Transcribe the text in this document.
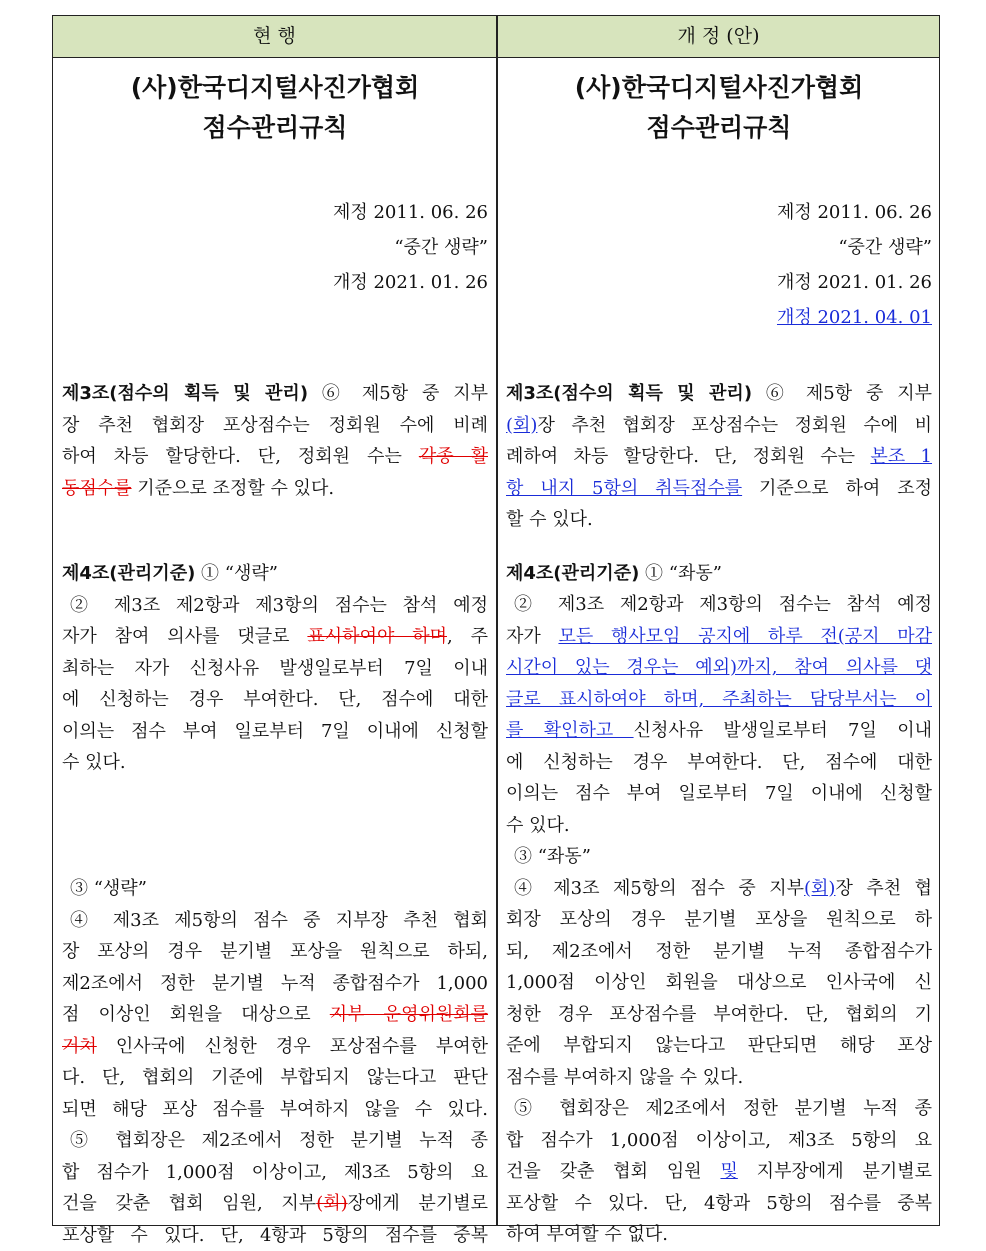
현 행	개 정 (안)
(사)한국디지털사진가협회
점수관리규칙
제정 2011. 06. 26
“중간 생략”
개정 2021. 01. 26
제3조(점수의 획득 및 관리) ⑥ 제5항 중 지부
장 추천 협회장 포상점수는 정회원 수에 비례
하여 차등 할당한다. 단, 정회원 수는 각종 활
동점수를 기준으로 조정할 수 있다.
제4조(관리기준) ① “생략”
② 제3조 제2항과 제3항의 점수는 참석 예정
자가 참여 의사를 댓글로 표시하여야 하며, 주
최하는 자가 신청사유 발생일로부터 7일 이내
에 신청하는 경우 부여한다. 단, 점수에 대한
이의는 점수 부여 일로부터 7일 이내에 신청할
수 있다.
③ “생략”
④ 제3조 제5항의 점수 중 지부장 추천 협회
장 포상의 경우 분기별 포상을 원칙으로 하되,
제2조에서 정한 분기별 누적 종합점수가 1,000
점 이상인 회원을 대상으로 지부 운영위원회를
거쳐 인사국에 신청한 경우 포상점수를 부여한
다. 단, 협회의 기준에 부합되지 않는다고 판단
되면 해당 포상 점수를 부여하지 않을 수 있다.
⑤ 협회장은 제2조에서 정한 분기별 누적 종
합 점수가 1,000점 이상이고, 제3조 5항의 요
건을 갖춘 협회 임원, 지부(회)장에게 분기별로
포상할 수 있다. 단, 4항과 5항의 점수를 중복
(사)한국디지털사진가협회
점수관리규칙
제정 2011. 06. 26
“중간 생략”
개정 2021. 01. 26
개정 2021. 04. 01
제3조(점수의 획득 및 관리) ⑥ 제5항 중 지부
(회)장 추천 협회장 포상점수는 정회원 수에 비
례하여 차등 할당한다. 단, 정회원 수는 본조 1
항 내지 5항의 취득점수를 기준으로 하여 조정
할 수 있다.
제4조(관리기준) ① “좌동”
② 제3조 제2항과 제3항의 점수는 참석 예정
자가 모든 행사모임 공지에 하루 전(공지 마감
시간이 있는 경우는 예외)까지, 참여 의사를 댓
글로 표시하여야 하며, 주최하는 담당부서는 이
를 확인하고 신청사유 발생일로부터 7일 이내
에 신청하는 경우 부여한다. 단, 점수에 대한
이의는 점수 부여 일로부터 7일 이내에 신청할
수 있다.
③ “좌동”
④ 제3조 제5항의 점수 중 지부(회)장 추천 협
회장 포상의 경우 분기별 포상을 원칙으로 하
되, 제2조에서 정한 분기별 누적 종합점수가
1,000점 이상인 회원을 대상으로 인사국에 신
청한 경우 포상점수를 부여한다. 단, 협회의 기
준에 부합되지 않는다고 판단되면 해당 포상
점수를 부여하지 않을 수 있다.
⑤ 협회장은 제2조에서 정한 분기별 누적 종
합 점수가 1,000점 이상이고, 제3조 5항의 요
건을 갖춘 협회 임원 및 지부장에게 분기별로
포상할 수 있다. 단, 4항과 5항의 점수를 중복
하여 부여할 수 없다.
